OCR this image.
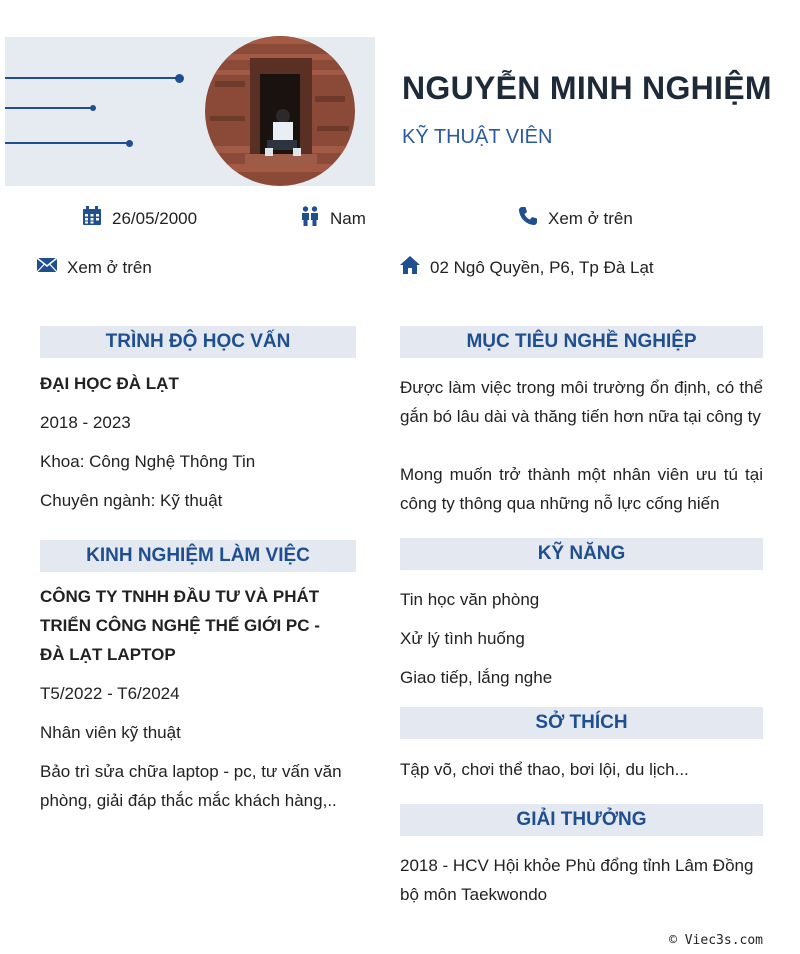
NGUYỄN MINH NGHIỆM
KỸ THUẬT VIÊN
26/05/2000	Nam	Xem ở trên
Xem ở trên	02 Ngô Quyền, P6, Tp Đà Lạt
TRÌNH ĐỘ HỌC VẤN
ĐẠI HỌC ĐÀ LẠT
2018 - 2023
Khoa: Công Nghệ Thông Tin
Chuyên ngành: Kỹ thuật
KINH NGHIỆM LÀM VIỆC
CÔNG TY TNHH ĐẦU TƯ VÀ PHÁT TRIỂN CÔNG NGHỆ THẾ GIỚI PC - ĐÀ LẠT LAPTOP
T5/2022 - T6/2024
Nhân viên kỹ thuật
Bảo trì sửa chữa laptop - pc, tư vấn văn phòng, giải đáp thắc mắc khách hàng,..
MỤC TIÊU NGHỀ NGHIỆP
Được làm việc trong môi trường ổn định, có thể gắn bó lâu dài và thăng tiến hơn nữa tại công ty
Mong muốn trở thành một nhân viên ưu tú tại công ty thông qua những nỗ lực cống hiến
KỸ NĂNG
Tin học văn phòng
Xử lý tình huống
Giao tiếp, lắng nghe
SỞ THÍCH
Tập võ, chơi thể thao, bơi lội, du lịch...
GIẢI THƯỞNG
2018 - HCV Hội khỏe Phù đổng tỉnh Lâm Đồng bộ môn Taekwondo
© Viec3s.com
